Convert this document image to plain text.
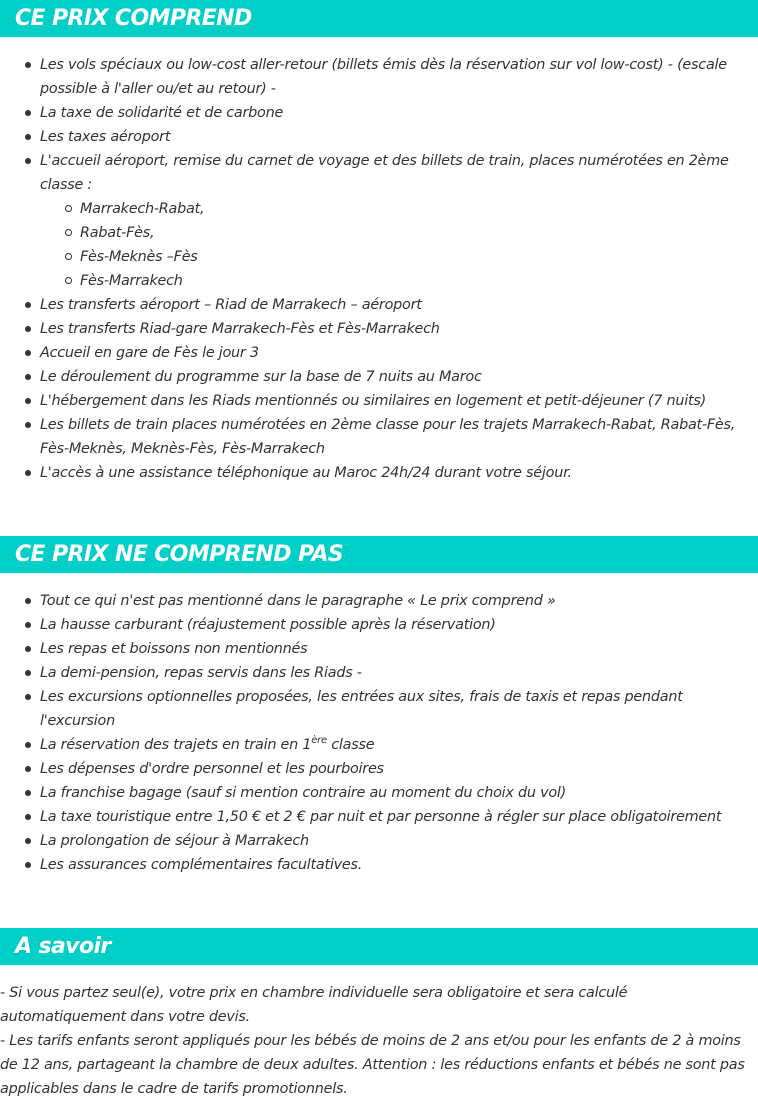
CE PRIX COMPREND
Les vols spéciaux ou low-cost aller-retour (billets émis dès la réservation sur vol low-cost) - (escale possible à l'aller ou/et au retour) -
La taxe de solidarité et de carbone
Les taxes aéroport
L'accueil aéroport, remise du carnet de voyage et des billets de train, places numérotées en 2ème classe :
Marrakech-Rabat,
Rabat-Fès,
Fès-Meknès –Fès
Fès-Marrakech
Les transferts aéroport – Riad de Marrakech – aéroport
Les transferts Riad-gare Marrakech-Fès et Fès-Marrakech
Accueil en gare de Fès le jour 3
Le déroulement du programme sur la base de 7 nuits au Maroc
L'hébergement dans les Riads mentionnés ou similaires en logement et petit-déjeuner (7 nuits)
Les billets de train places numérotées en 2ème classe pour les trajets Marrakech-Rabat, Rabat-Fès, Fès-Meknès, Meknès-Fès, Fès-Marrakech
L'accès à une assistance téléphonique au Maroc 24h/24 durant votre séjour.
CE PRIX NE COMPREND PAS
Tout ce qui n'est pas mentionné dans le paragraphe « Le prix comprend »
La hausse carburant (réajustement possible après la réservation)
Les repas et boissons non mentionnés
La demi-pension, repas servis dans les Riads -
Les excursions optionnelles proposées, les entrées aux sites, frais de taxis et repas pendant l'excursion
La réservation des trajets en train en 1ère classe
Les dépenses d'ordre personnel et les pourboires
La franchise bagage (sauf si mention contraire au moment du choix du vol)
La taxe touristique entre 1,50 € et 2 € par nuit et par personne à régler sur place obligatoirement
La prolongation de séjour à Marrakech
Les assurances complémentaires facultatives.
A savoir

- Si vous partez seul(e), votre prix en chambre individuelle sera obligatoire et sera calculé automatiquement dans votre devis.

- Les tarifs enfants seront appliqués pour les bébés de moins de 2 ans et/ou pour les enfants de 2 à moins de 12 ans, partageant la chambre de deux adultes. Attention : les réductions enfants et bébés ne sont pas applicables dans le cadre de tarifs promotionnels.
